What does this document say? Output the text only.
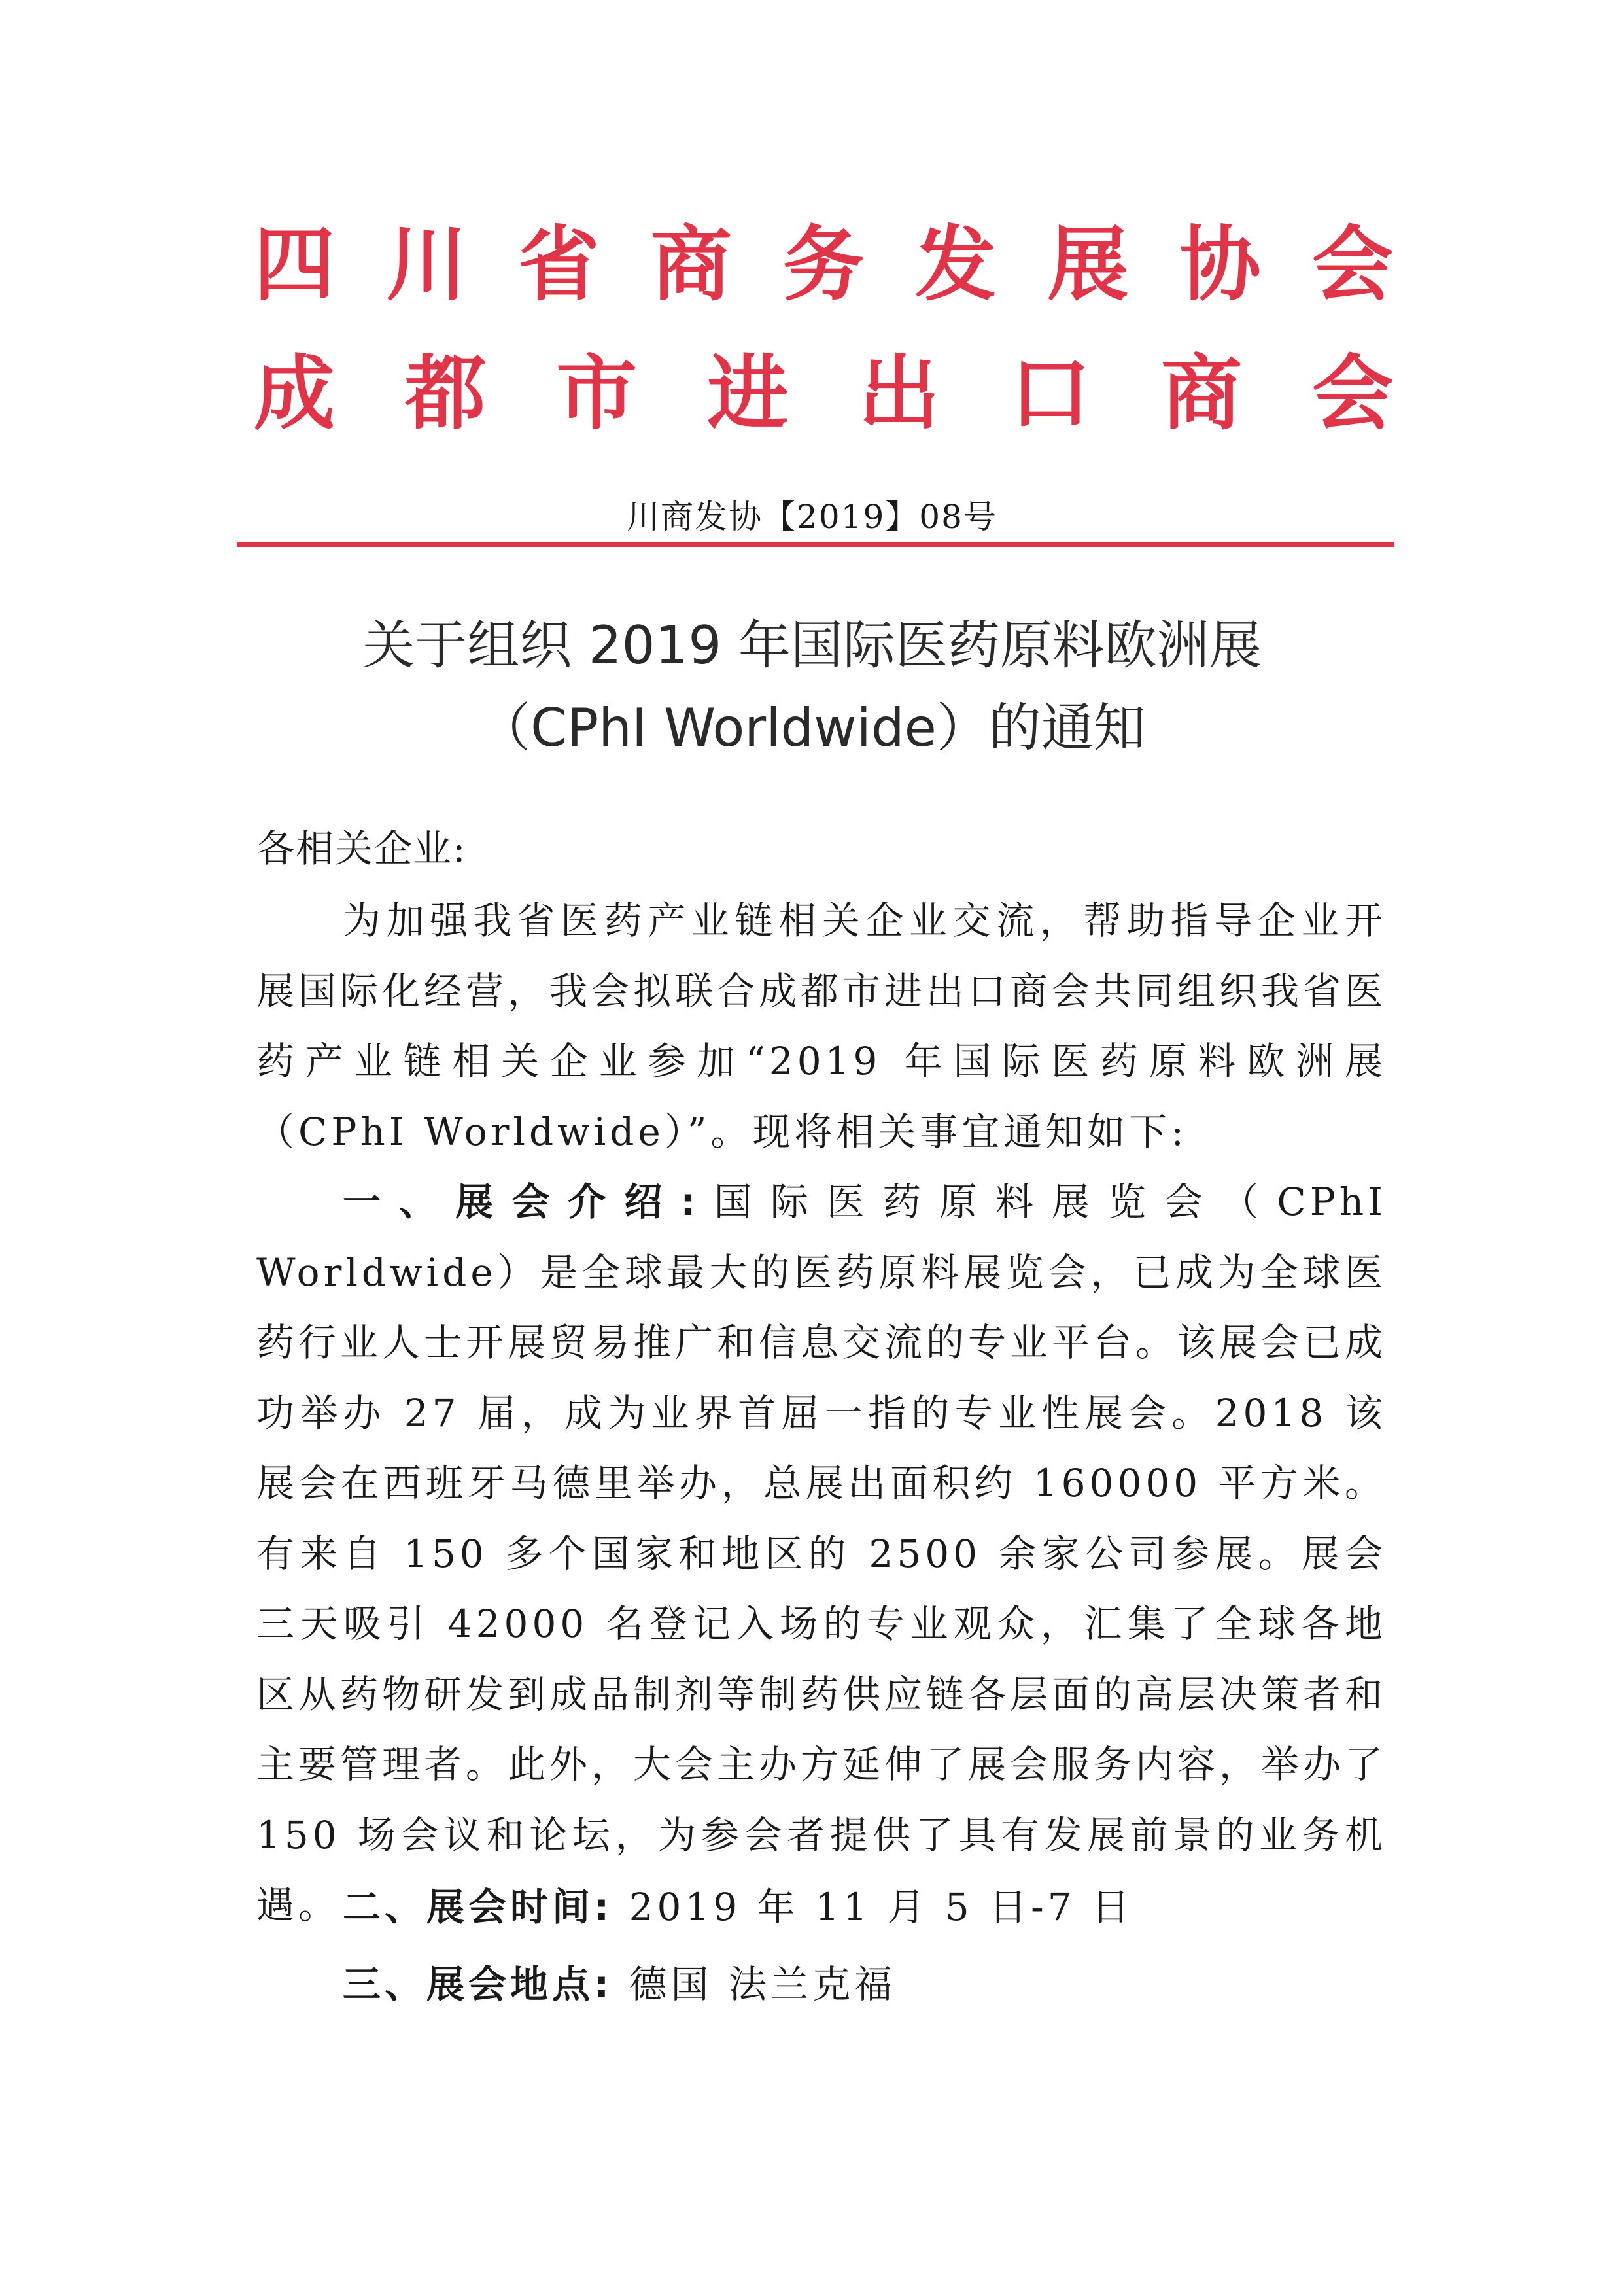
四 川 省 商 务 发 展 协 会
成 都 市 进 出 口 商 会
川商发协【2019】08号
关于组织 2019 年国际医药原料欧洲展
（CPhI Worldwide）的通知
各相关企业:

为加强我省医药产业链相关企业交流，帮助指导企业开展国际化经营，我会拟联合成都市进出口商会共同组织我省医药产业链相关企业参加“2019 年国际医药原料欧洲展（CPhI Worldwide）”。现将相关事宜通知如下:

一、展会介绍:国际医药原料展览会（CPhI Worldwide）是全球最大的医药原料展览会，已成为全球医药行业人士开展贸易推广和信息交流的专业平台。该展会已成功举办 27 届，成为业界首屈一指的专业性展会。2018 该展会在西班牙马德里举办，总展出面积约 160000 平方米。有来自 150 多个国家和地区的 2500 余家公司参展。展会三天吸引 42000 名登记入场的专业观众，汇集了全球各地区从药物研发到成品制剂等制药供应链各层面的高层决策者和主要管理者。此外，大会主办方延伸了展会服务内容，举办了 150 场会议和论坛，为参会者提供了具有发展前景的业务机遇。 二、展会时间: 2019 年 11 月 5 日-7 日
三、展会地点: 德国 法兰克福
